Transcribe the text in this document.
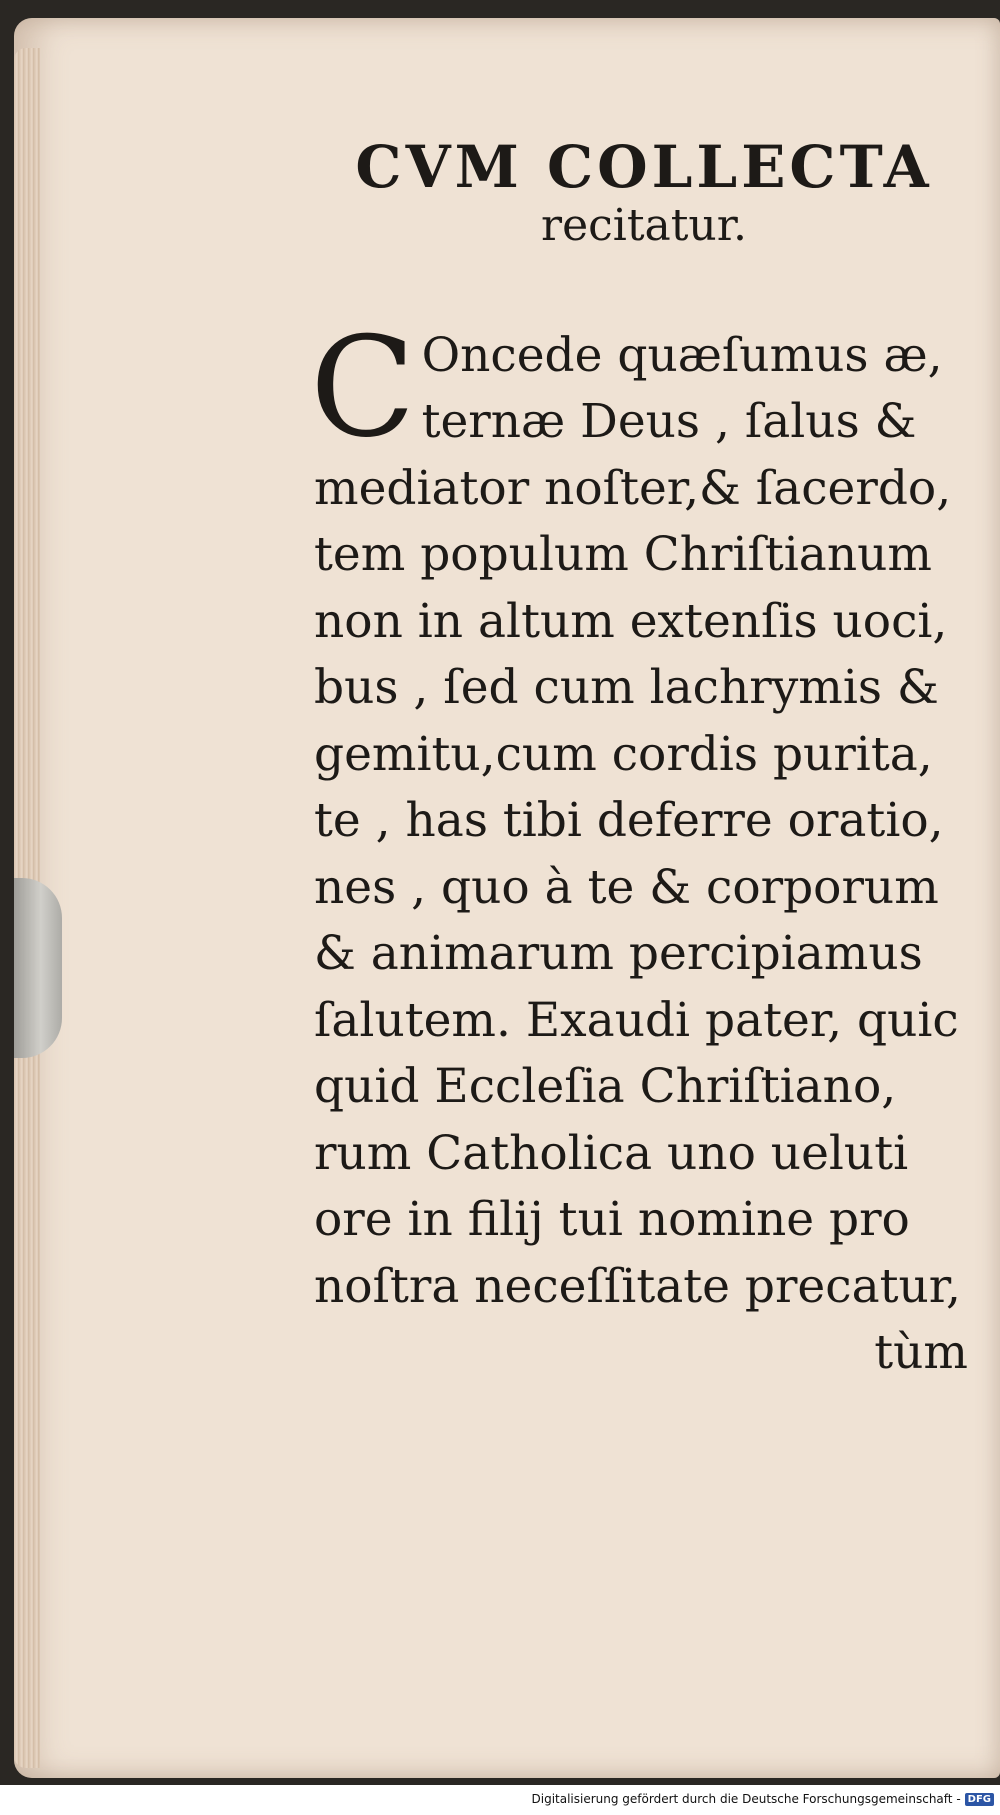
CVM COLLECTA
recitatur.
C Oncede quæſumus æ,
ternæ Deus , ſalus &
mediator noſter,& ſacerdo,
tem populum Chriſtianum
non in altum extenſis uoci,
bus , ſed cum lachrymis &
gemitu,cum cordis purita,
te , has tibi deferre oratio,
nes , quo à te & corporum
& animarum percipiamus
ſalutem. Exaudi pater, quic
quid Eccleſia Chriſtiano,
rum Catholica uno ueluti
ore in filij tui nomine pro
noſtra neceſſitate precatur,
tùm
Digitalisierung gefördert durch die Deutsche Forschungsgemeinschaft - DFG
